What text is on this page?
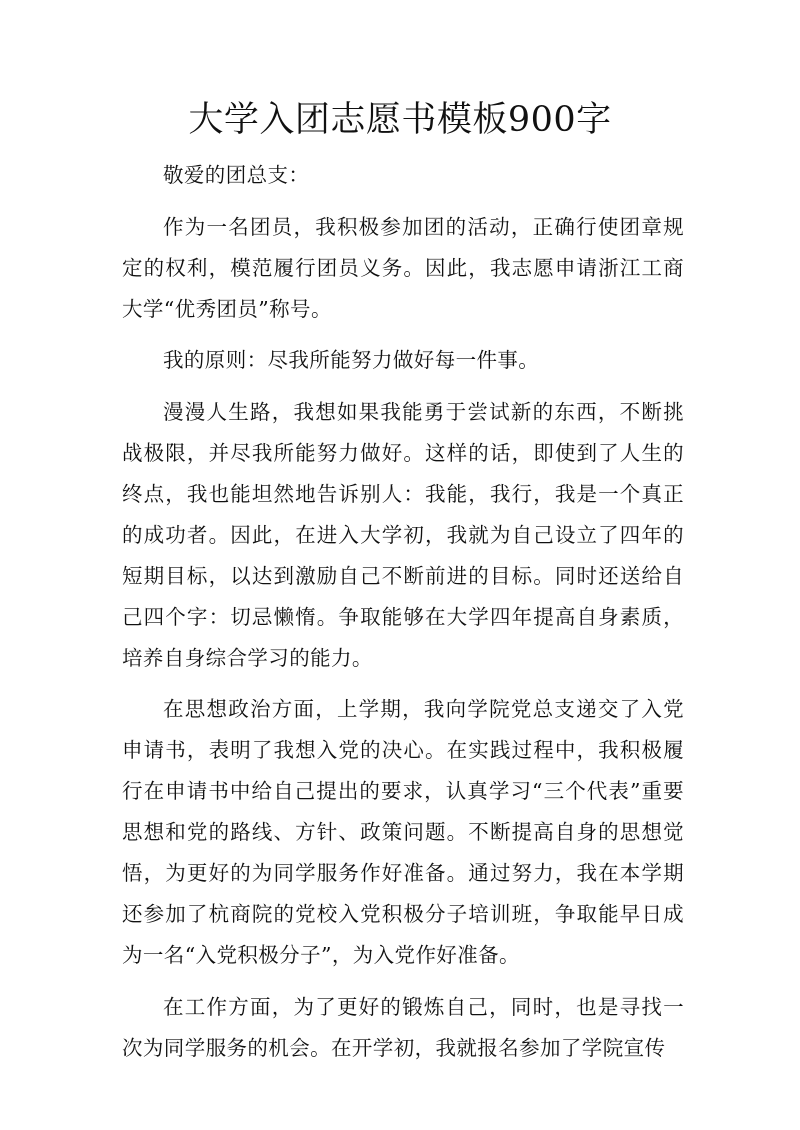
大学入团志愿书模板900字

敬爱的团总支：

作为一名团员，我积极参加团的活动，正确行使团章规定的权利，模范履行团员义务。因此，我志愿申请浙江工商大学“优秀团员”称号。

我的原则：尽我所能努力做好每一件事。

漫漫人生路，我想如果我能勇于尝试新的东西，不断挑战极限，并尽我所能努力做好。这样的话，即使到了人生的终点，我也能坦然地告诉别人：我能，我行，我是一个真正的成功者。因此，在进入大学初，我就为自己设立了四年的短期目标，以达到激励自己不断前进的目标。同时还送给自己四个字：切忌懒惰。争取能够在大学四年提高自身素质，培养自身综合学习的能力。

在思想政治方面，上学期，我向学院党总支递交了入党申请书，表明了我想入党的决心。在实践过程中，我积极履行在申请书中给自己提出的要求，认真学习“三个代表”重要思想和党的路线、方针、政策问题。不断提高自身的思想觉悟，为更好的为同学服务作好准备。通过努力，我在本学期还参加了杭商院的党校入党积极分子培训班，争取能早日成为一名“入党积极分子”，为入党作好准备。

在工作方面，为了更好的锻炼自己，同时，也是寻找一次为同学服务的机会。在开学初，我就报名参加了学院宣传
